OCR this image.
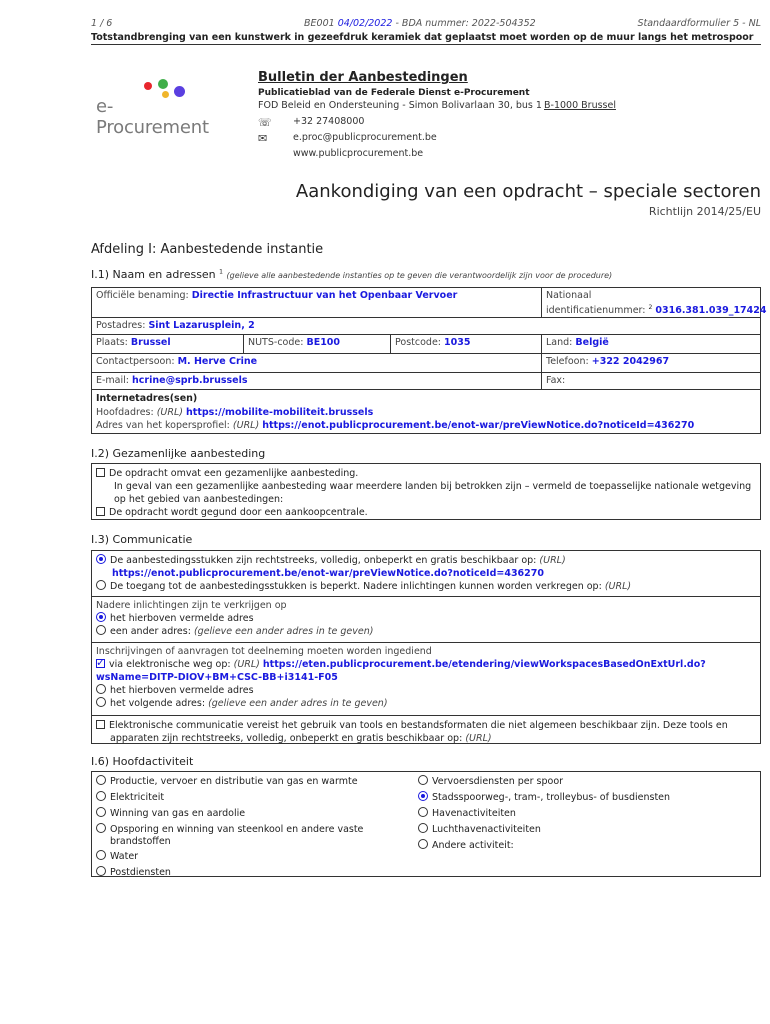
1 / 6	BE001 04/02/2022 - BDA nummer: 2022-504352	Standaardformulier 5 - NL
Totstandbrenging van een kunstwerk in gezeefdruk keramiek dat geplaatst moet worden op de muur langs het metrospoor
e-Procurement
Bulletin der Aanbestedingen
Publicatieblad van de Federale Dienst e-Procurement
FOD Beleid en Ondersteuning - Simon Bolivarlaan 30, bus 1 B-1000 Brussel
☏ +32 27408000
✉	e.proc@publicprocurement.be
www.publicprocurement.be
Aankondiging van een opdracht – speciale sectoren
Richtlijn 2014/25/EU
Afdeling I: Aanbestedende instantie
I.1) Naam en adressen $^1$ (gelieve alle aanbestedende instanties op te geven die verantwoordelijk zijn voor de procedure)
Officiële benaming: Directie Infrastructuur van het Openbaar Vervoer	Nationaal
identificatienummer: $^2$ 0316.381.039_17424
Postadres: Sint Lazarusplein, 2
Plaats: Brussel	NUTS-code: BE100	Postcode: 1035	Land: België
Contactpersoon: M. Herve Crine	Telefoon: +322 2042967
E-mail: hcrine@sprb.brussels	Fax:
Internetadres(sen)
Hoofdadres: (URL) https://mobilite-mobiliteit.brussels
Adres van het kopersprofiel: (URL) https://enot.publicprocurement.be/enot-war/preViewNotice.do?noticeId=436270
I.2) Gezamenlijke aanbesteding
De opdracht omvat een gezamenlijke aanbesteding.
In geval van een gezamenlijke aanbesteding waar meerdere landen bij betrokken zijn – vermeld de toepasselijke nationale wetgeving
op het gebied van aanbestedingen:
De opdracht wordt gegund door een aankoopcentrale.
I.3) Communicatie
De aanbestedingsstukken zijn rechtstreeks, volledig, onbeperkt en gratis beschikbaar op: (URL)
https://enot.publicprocurement.be/enot-war/preViewNotice.do?noticeId=436270
De toegang tot de aanbestedingsstukken is beperkt. Nadere inlichtingen kunnen worden verkregen op: (URL)
Nadere inlichtingen zijn te verkrijgen op
het hierboven vermelde adres
een ander adres: (gelieve een ander adres in te geven)
Inschrijvingen of aanvragen tot deelneming moeten worden ingediend
✓via elektronische weg op: (URL) https://eten.publicprocurement.be/etendering/viewWorkspacesBasedOnExtUrl.do?
wsName=DITP-DIOV+BM+CSC-BB+i3141-F05
het hierboven vermelde adres
het volgende adres: (gelieve een ander adres in te geven)
Elektronische communicatie vereist het gebruik van tools en bestandsformaten die niet algemeen beschikbaar zijn. Deze tools en
apparaten zijn rechtstreeks, volledig, onbeperkt en gratis beschikbaar op: (URL)
I.6) Hoofdactiviteit
Productie, vervoer en distributie van gas en warmte
Elektriciteit
Winning van gas en aardolie
Opsporing en winning van steenkool en andere vaste
brandstoffen
Water
Postdiensten
Vervoersdiensten per spoor
Stadsspoorweg-, tram-, trolleybus- of busdiensten
Havenactiviteiten
Luchthavenactiviteiten
Andere activiteit:
